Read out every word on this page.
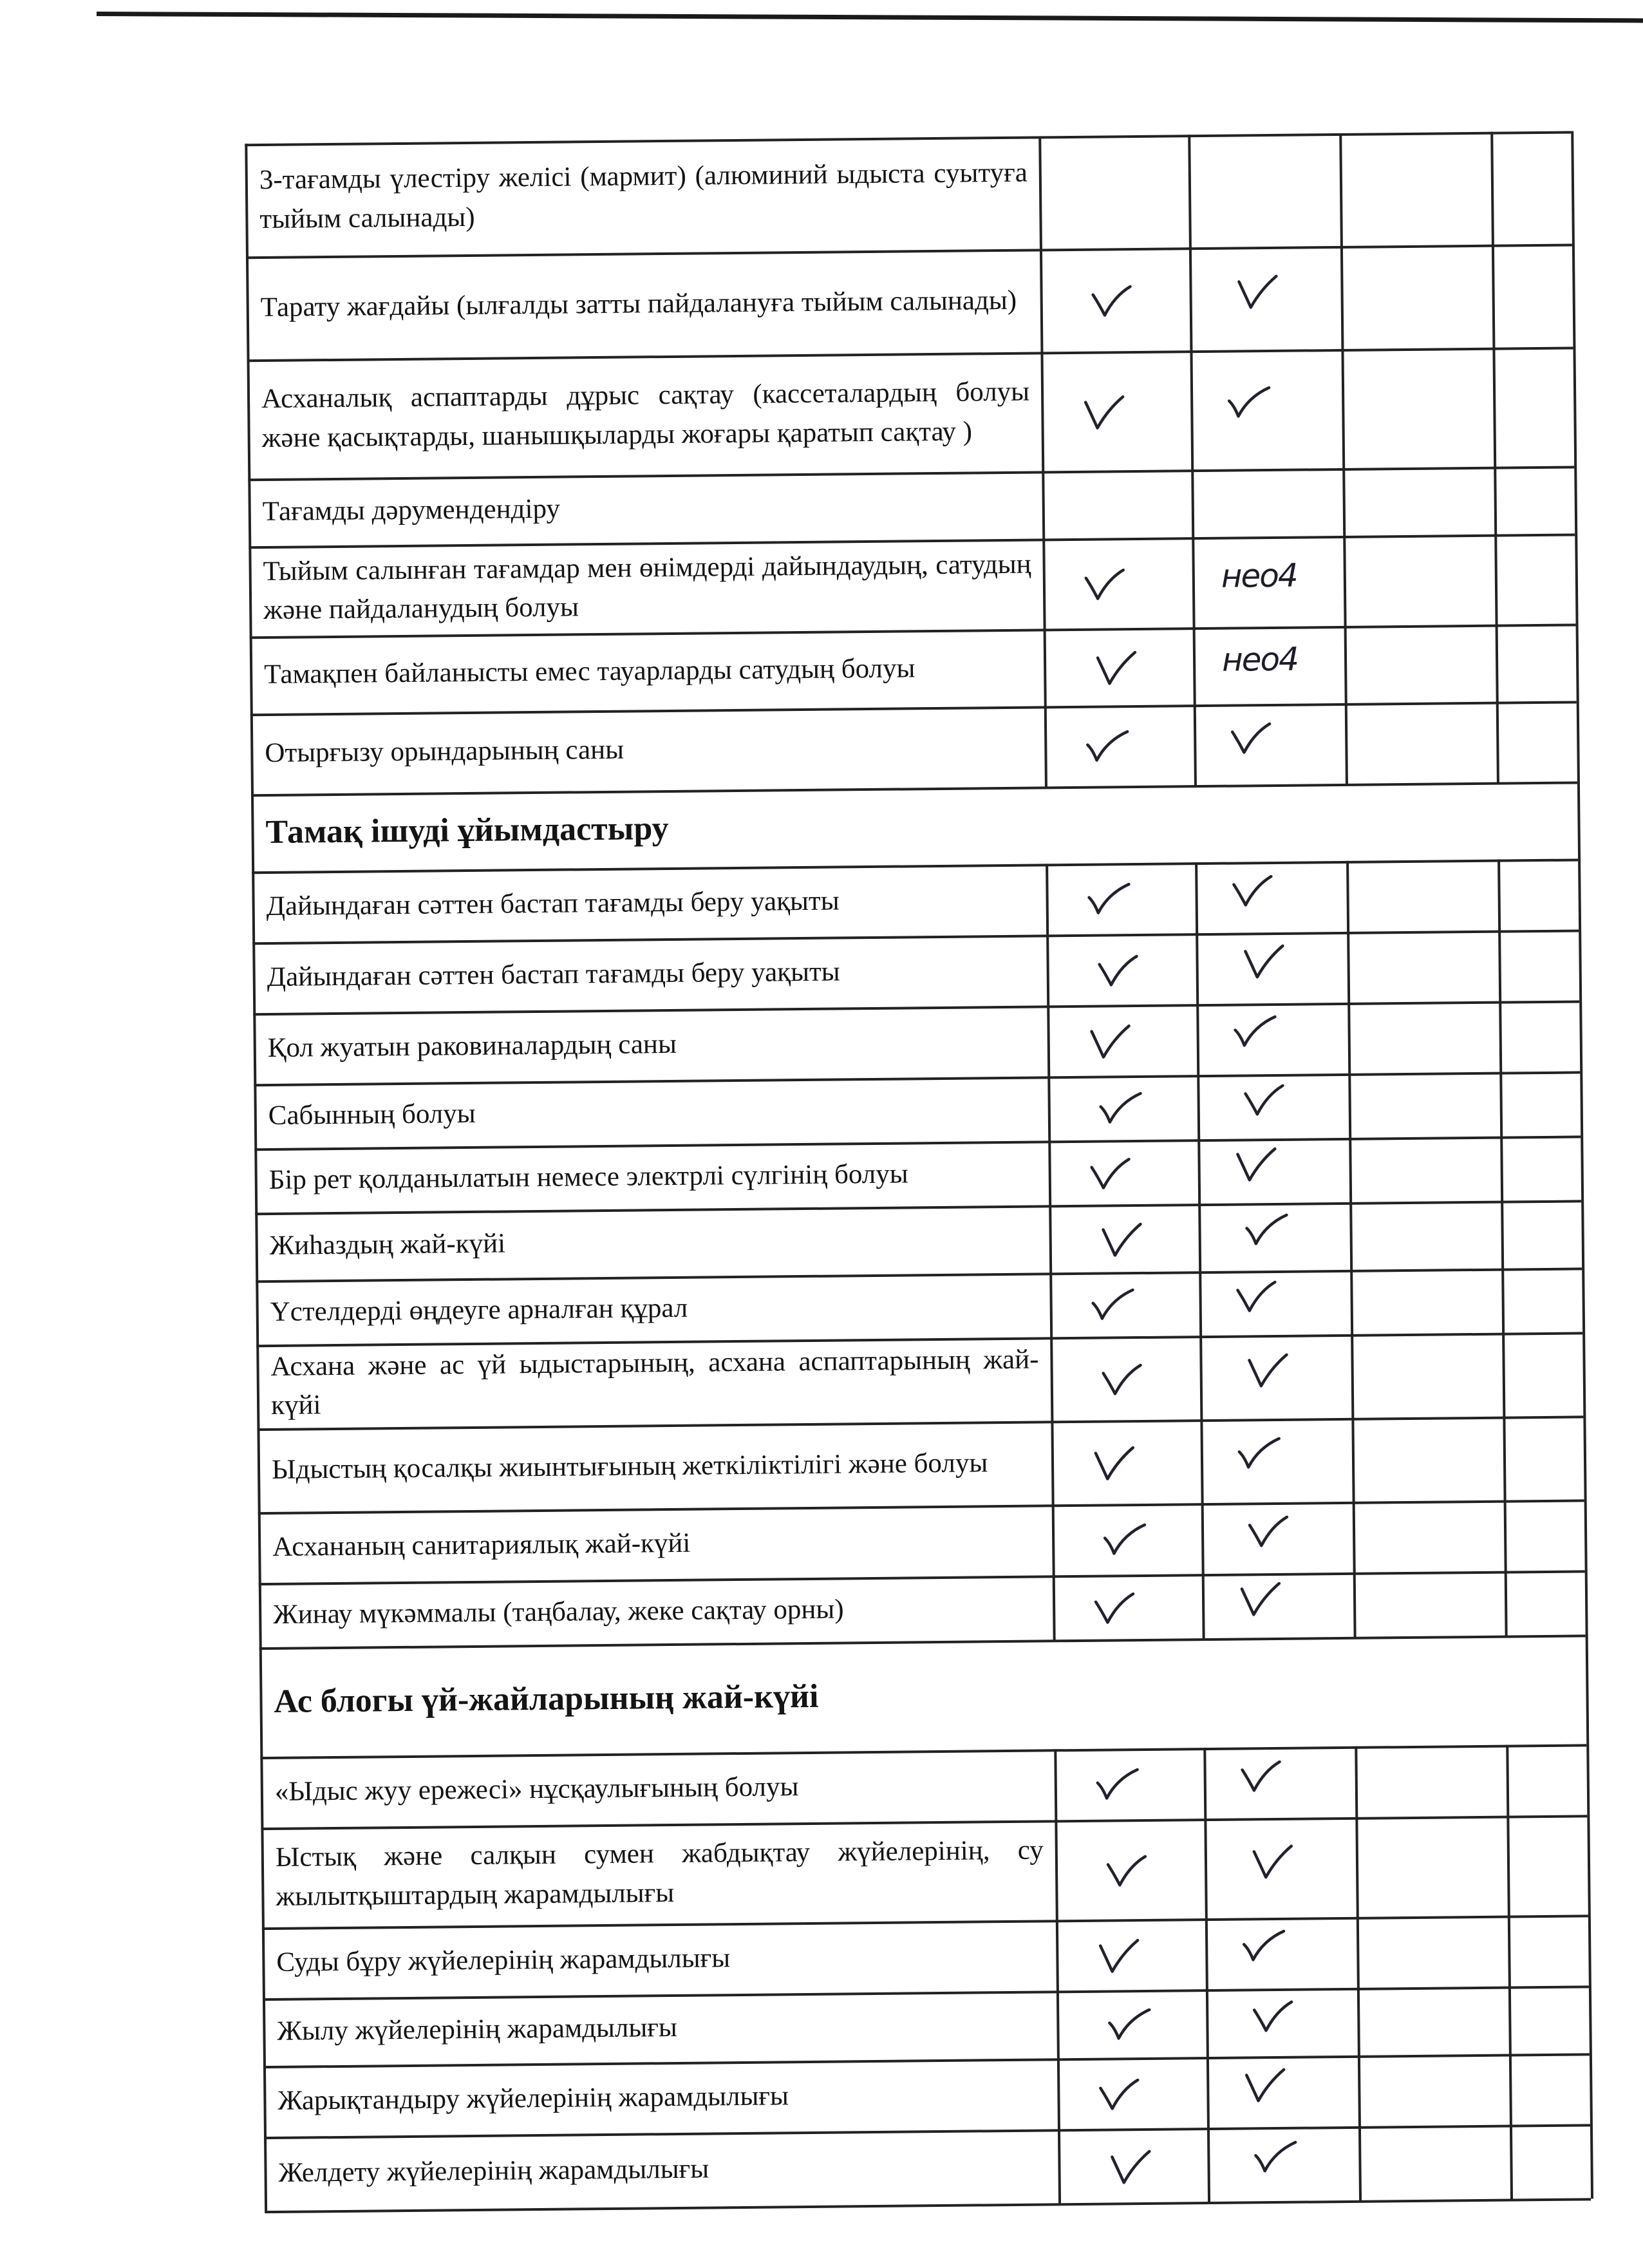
3-тағамды үлестіру желісі (мармит) (алюминий ыдыста суытуға тыйым салынады)
Тарату жағдайы (ылғалды затты пайдалануға тыйым салынады)
Асханалық аспаптарды дұрыс сақтау (кассеталардың болуы және қасықтарды, шанышқыларды жоғары қаратып сақтау )
Тағамды дәрумендендіру
Тыйым салынған тағамдар мен өнімдерді дайындаудың, сатудың және пайдаланудың болуы
нео4
Тамақпен байланысты емес тауарларды сатудың болуы	нео4
Отырғызу орындарының саны
Тамақ ішуді ұйымдастыру
Дайындаған сәттен бастап тағамды беру уақыты
Дайындаған сәттен бастап тағамды беру уақыты
Қол жуатын раковиналардың саны
Сабынның болуы
Бір рет қолданылатын немесе электрлі сүлгінің болуы
Жиһаздың жай-күйі
Үстелдерді өңдеуге арналған құрал
Асхана және ас үй ыдыстарының, асхана аспаптарының жай-күйі
Ыдыстың қосалқы жиынтығының жеткіліктілігі және болуы
Асхананың санитариялық жай-күйі
Жинау мүкәммалы (таңбалау, жеке сақтау орны)
Ас блогы үй-жайларының жай-күйі
«Ыдыс жуу ережесі» нұсқаулығының болуы
Ыстық және салқын сумен жабдықтау жүйелерінің, су жылытқыштардың жарамдылығы
Суды бұру жүйелерінің жарамдылығы
Жылу жүйелерінің жарамдылығы
Жарықтандыру жүйелерінің жарамдылығы
Желдету жүйелерінің жарамдылығы
